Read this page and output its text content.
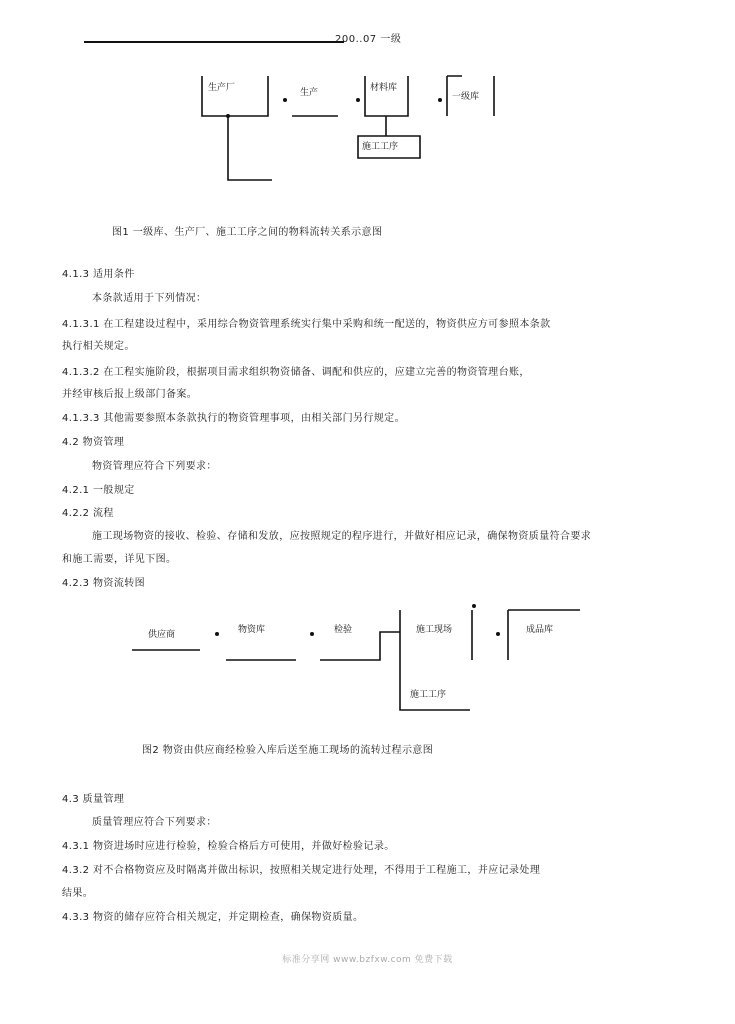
200..07 一级
生产厂	生产	材料库
一级库
施工工序
图1 一级库、生产厂、施工工序之间的物料流转关系示意图
4.1.3 适用条件
本条款适用于下列情况：
4.1.3.1 在工程建设过程中，采用综合物资管理系统实行集中采购和统一配送的，物资供应方可参照本条款
执行相关规定。
4.1.3.2 在工程实施阶段，根据项目需求组织物资储备、调配和供应的，应建立完善的物资管理台账，
并经审核后报上级部门备案。
4.1.3.3 其他需要参照本条款执行的物资管理事项，由相关部门另行规定。
4.2 物资管理
物资管理应符合下列要求：
4.2.1 一般规定
4.2.2 流程
施工现场物资的接收、检验、存储和发放，应按照规定的程序进行，并做好相应记录，确保物资质量符合要求
和施工需要，详见下图。
4.2.3 物资流转图
供应商	物资库	检验	施工现场	成品库
施工工序
图2 物资由供应商经检验入库后送至施工现场的流转过程示意图
4.3 质量管理
质量管理应符合下列要求：
4.3.1 物资进场时应进行检验，检验合格后方可使用，并做好检验记录。
4.3.2 对不合格物资应及时隔离并做出标识，按照相关规定进行处理，不得用于工程施工，并应记录处理
结果。
4.3.3 物资的储存应符合相关规定，并定期检查，确保物资质量。
标准分享网 www.bzfxw.com 免费下载
